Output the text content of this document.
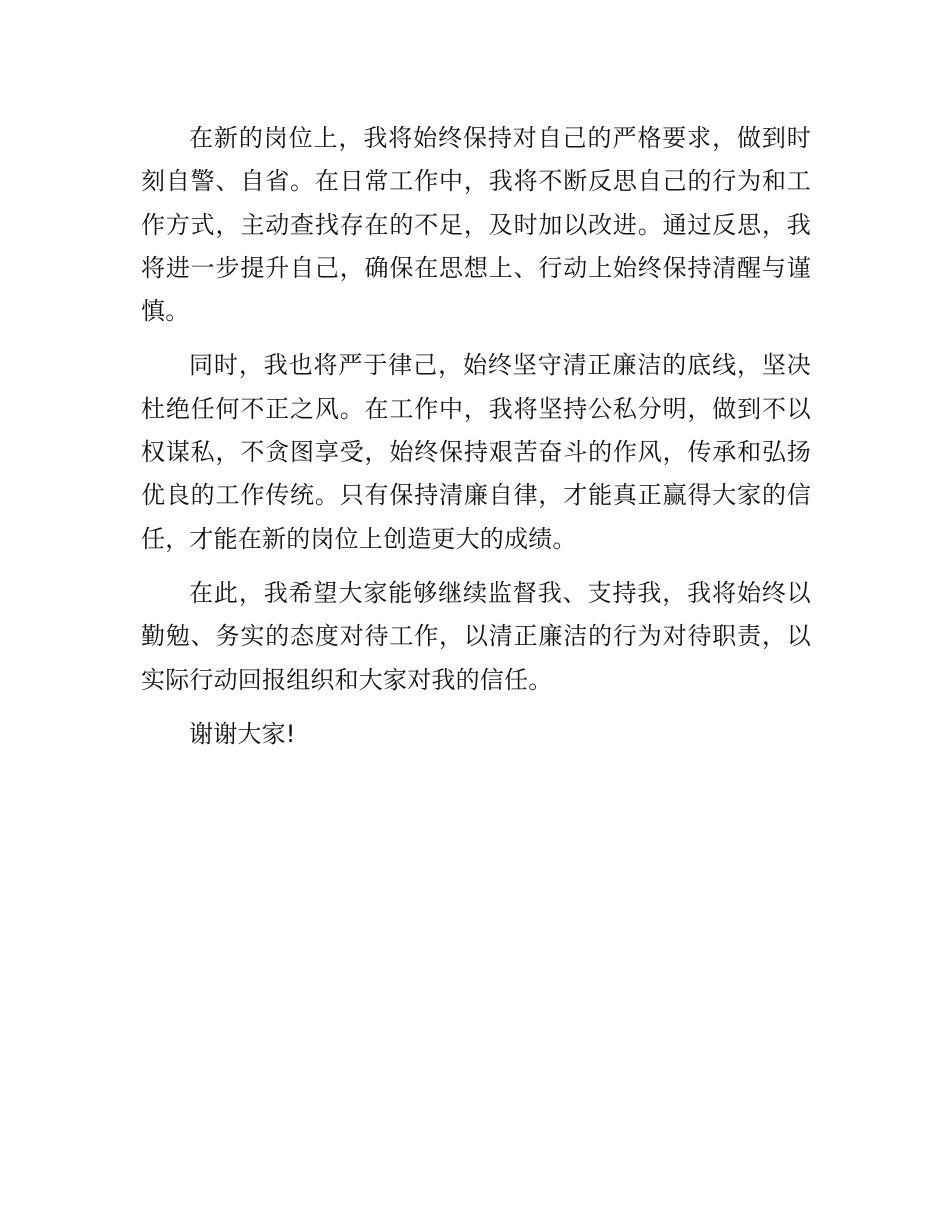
在新的岗位上，我将始终保持对自己的严格要求，做到时刻自警、自省。在日常工作中，我将不断反思自己的行为和工作方式，主动查找存在的不足，及时加以改进。通过反思，我将进一步提升自己，确保在思想上、行动上始终保持清醒与谨慎。

同时，我也将严于律己，始终坚守清正廉洁的底线，坚决杜绝任何不正之风。在工作中，我将坚持公私分明，做到不以权谋私，不贪图享受，始终保持艰苦奋斗的作风，传承和弘扬优良的工作传统。只有保持清廉自律，才能真正赢得大家的信任，才能在新的岗位上创造更大的成绩。

在此，我希望大家能够继续监督我、支持我，我将始终以勤勉、务实的态度对待工作，以清正廉洁的行为对待职责，以实际行动回报组织和大家对我的信任。

谢谢大家!
